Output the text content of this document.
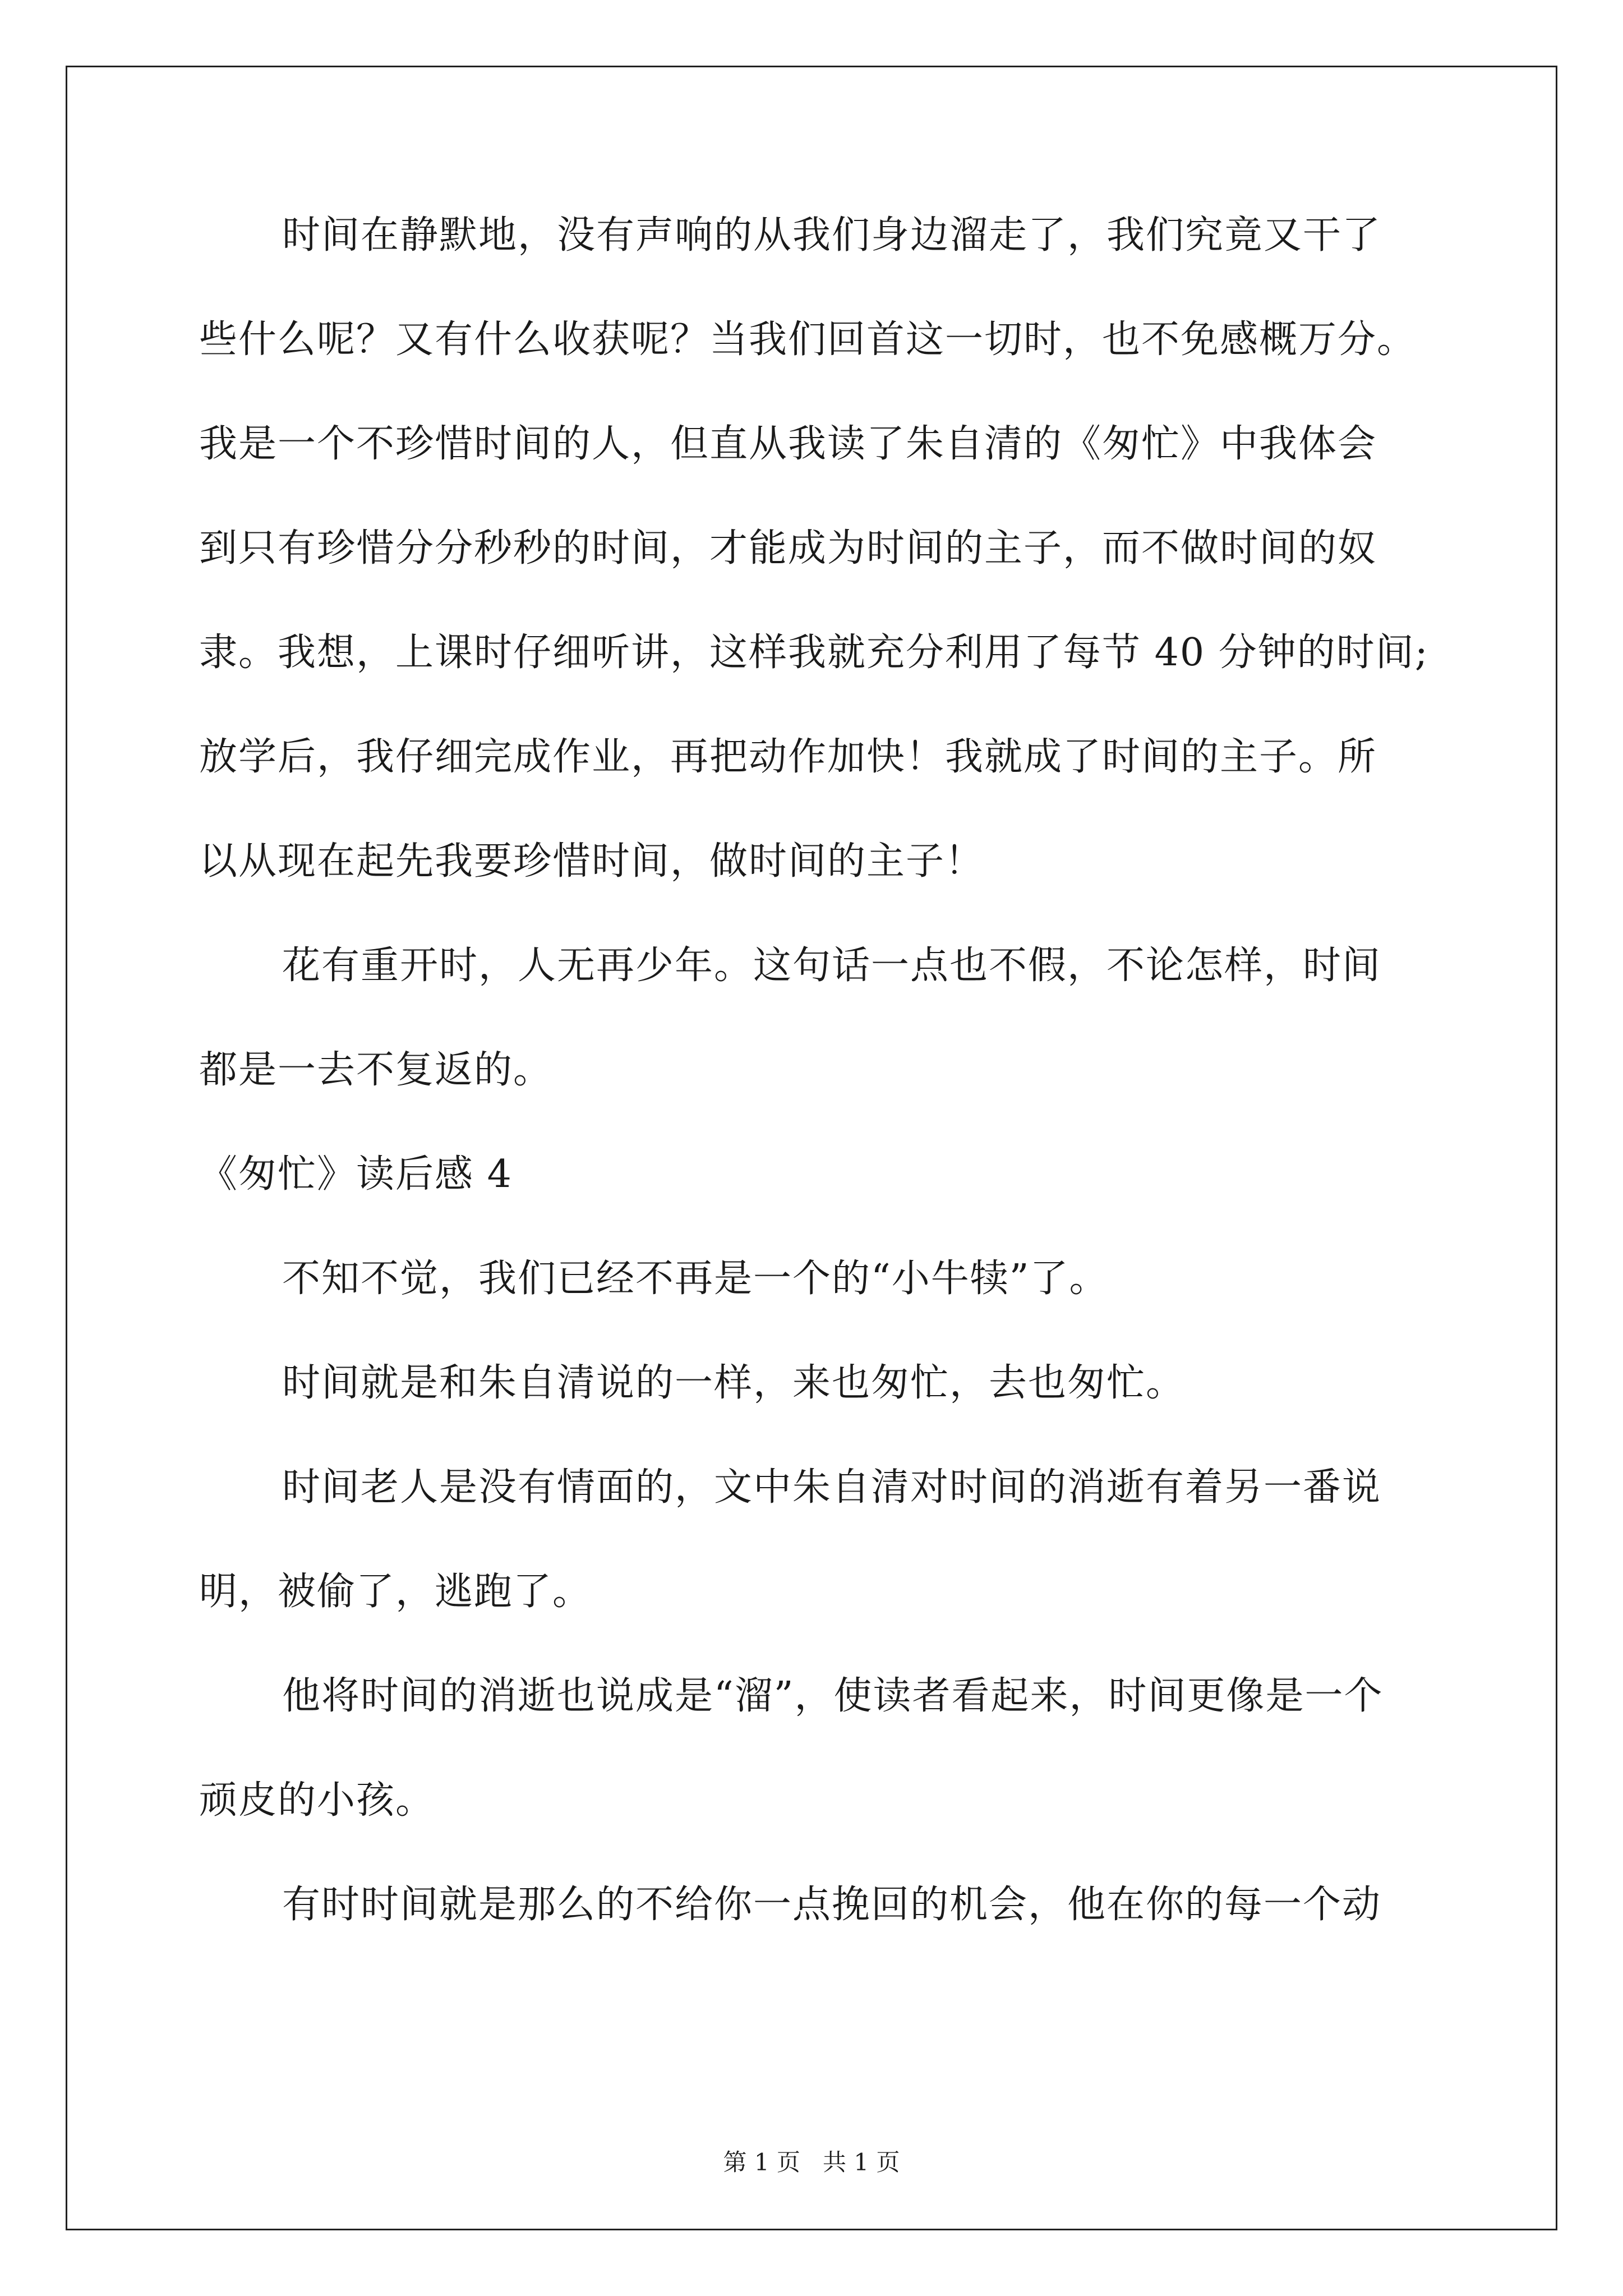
时间在静默地，没有声响的从我们身边溜走了，我们究竟又干了
些什么呢？又有什么收获呢？当我们回首这一切时，也不免感概万分。
我是一个不珍惜时间的人，但直从我读了朱自清的《匆忙》中我体会
到只有珍惜分分秒秒的时间，才能成为时间的主子，而不做时间的奴
隶。我想，上课时仔细听讲，这样我就充分利用了每节 40 分钟的时间;
放学后，我仔细完成作业，再把动作加快！我就成了时间的主子。所
以从现在起先我要珍惜时间，做时间的主子！
花有重开时，人无再少年。这句话一点也不假，不论怎样，时间
都是一去不复返的。
《匆忙》读后感 4
不知不觉，我们已经不再是一个的“小牛犊”了。
时间就是和朱自清说的一样，来也匆忙，去也匆忙。
时间老人是没有情面的，文中朱自清对时间的消逝有着另一番说
明，被偷了，逃跑了。
他将时间的消逝也说成是“溜”，使读者看起来，时间更像是一个
顽皮的小孩。
有时时间就是那么的不给你一点挽回的机会，他在你的每一个动
第 1 页   共 1 页
